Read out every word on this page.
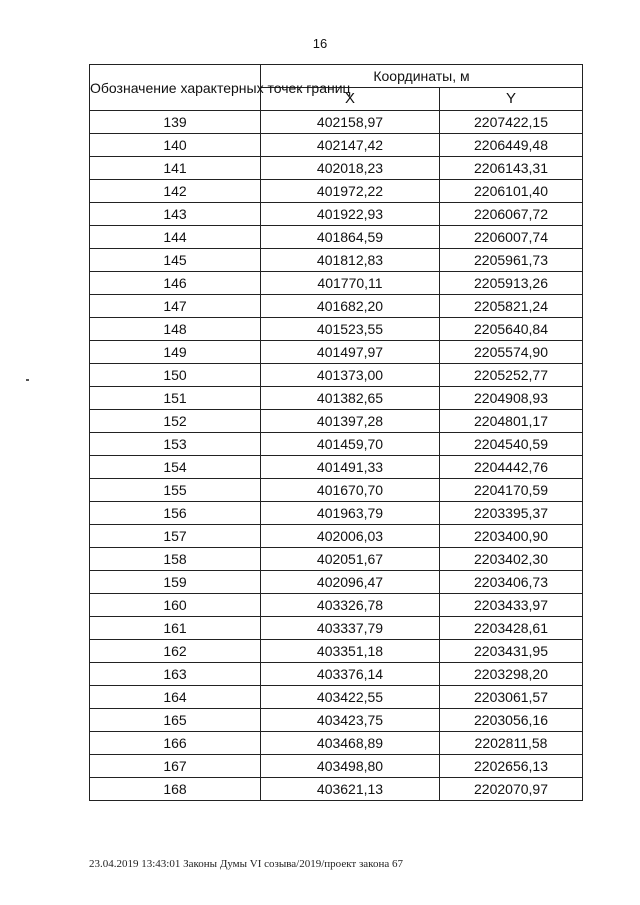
16
Обозначение характерных точек границ	Координаты, м	
	X	Y
139	402158,97	2207422,15
140	402147,42	2206449,48
141	402018,23	2206143,31
142	401972,22	2206101,40
143	401922,93	2206067,72
144	401864,59	2206007,74
145	401812,83	2205961,73
146	401770,11	2205913,26
147	401682,20	2205821,24
148	401523,55	2205640,84
149	401497,97	2205574,90
150	401373,00	2205252,77
151	401382,65	2204908,93
152	401397,28	2204801,17
153	401459,70	2204540,59
154	401491,33	2204442,76
155	401670,70	2204170,59
156	401963,79	2203395,37
157	402006,03	2203400,90
158	402051,67	2203402,30
159	402096,47	2203406,73
160	403326,78	2203433,97
161	403337,79	2203428,61
162	403351,18	2203431,95
163	403376,14	2203298,20
164	403422,55	2203061,57
165	403423,75	2203056,16
166	403468,89	2202811,58
167	403498,80	2202656,13
168	403621,13	2202070,97
23.04.2019 13:43:01 Законы Думы VI созыва/2019/проект закона 67
